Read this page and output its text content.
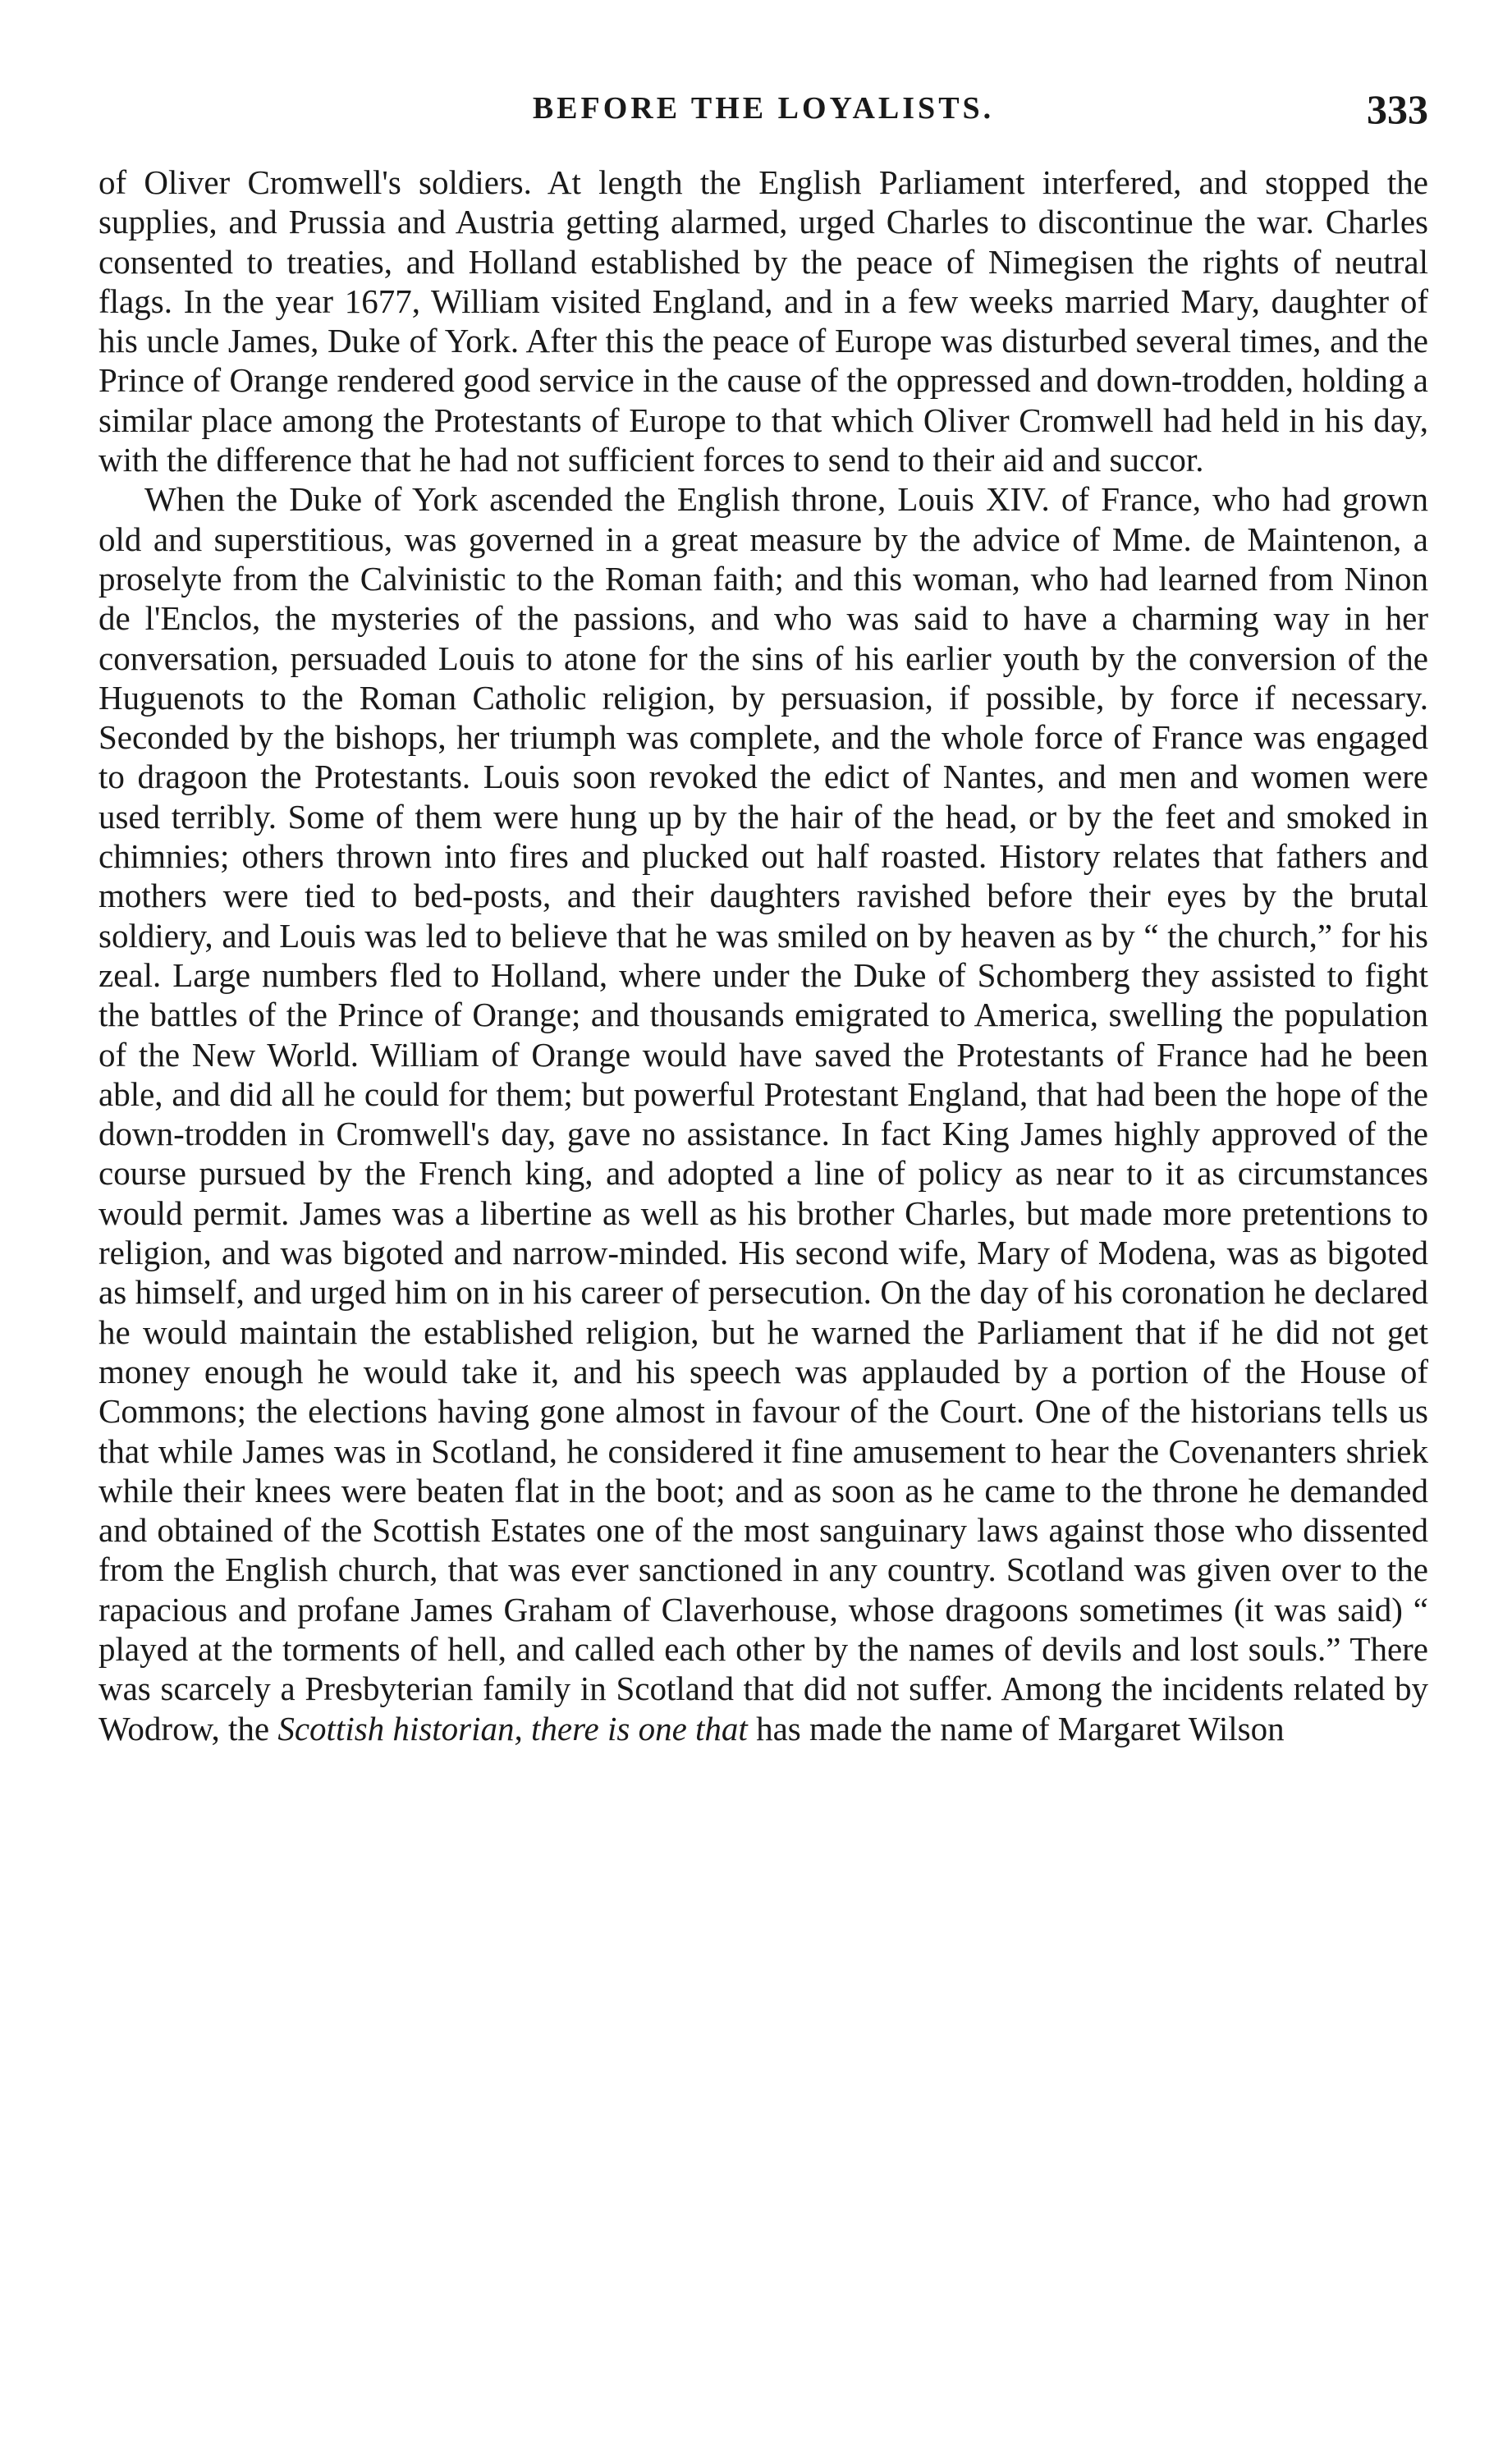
BEFORE THE LOYALISTS.	333

of Oliver Cromwell's soldiers. At length the English Parliament interfered, and stopped the supplies, and Prussia and Austria getting alarmed, urged Charles to discontinue the war. Charles consented to treaties, and Holland established by the peace of Nimegisen the rights of neutral flags. In the year 1677, William visited England, and in a few weeks married Mary, daughter of his uncle James, Duke of York. After this the peace of Europe was disturbed several times, and the Prince of Orange rendered good service in the cause of the oppressed and down-trodden, holding a similar place among the Protestants of Europe to that which Oliver Cromwell had held in his day, with the difference that he had not sufficient forces to send to their aid and succor.

When the Duke of York ascended the English throne, Louis XIV. of France, who had grown old and superstitious, was governed in a great measure by the advice of Mme. de Maintenon, a proselyte from the Calvinistic to the Roman faith; and this woman, who had learned from Ninon de l'Enclos, the mysteries of the passions, and who was said to have a charming way in her conversation, persuaded Louis to atone for the sins of his earlier youth by the conversion of the Huguenots to the Roman Catholic religion, by persuasion, if possible, by force if necessary. Seconded by the bishops, her triumph was complete, and the whole force of France was engaged to dragoon the Protestants. Louis soon revoked the edict of Nantes, and men and women were used terribly. Some of them were hung up by the hair of the head, or by the feet and smoked in chimnies; others thrown into fires and plucked out half roasted. History relates that fathers and mothers were tied to bed-posts, and their daughters ravished before their eyes by the brutal soldiery, and Louis was led to believe that he was smiled on by heaven as by “ the church,” for his zeal. Large numbers fled to Holland, where under the Duke of Schomberg they assisted to fight the battles of the Prince of Orange; and thousands emigrated to America, swelling the population of the New World. William of Orange would have saved the Protestants of France had he been able, and did all he could for them; but powerful Protestant England, that had been the hope of the down-trodden in Cromwell's day, gave no assistance. In fact King James highly approved of the course pursued by the French king, and adopted a line of policy as near to it as circumstances would permit. James was a libertine as well as his brother Charles, but made more pretentions to religion, and was bigoted and narrow-minded. His second wife, Mary of Modena, was as bigoted as himself, and urged him on in his career of persecution. On the day of his coronation he declared he would maintain the established religion, but he warned the Parliament that if he did not get money enough he would take it, and his speech was applauded by a portion of the House of Commons; the elections having gone almost in favour of the Court. One of the historians tells us that while James was in Scotland, he considered it fine amusement to hear the Covenanters shriek while their knees were beaten flat in the boot; and as soon as he came to the throne he demanded and obtained of the Scottish Estates one of the most sanguinary laws against those who dissented from the English church, that was ever sanctioned in any country. Scotland was given over to the rapacious and profane James Graham of Claverhouse, whose dragoons sometimes (it was said) “ played at the torments of hell, and called each other by the names of devils and lost souls.” There was scarcely a Presbyterian family in Scotland that did not suffer. Among the incidents related by Wodrow, the Scottish historian, there is one that has made the name of Margaret Wilson
